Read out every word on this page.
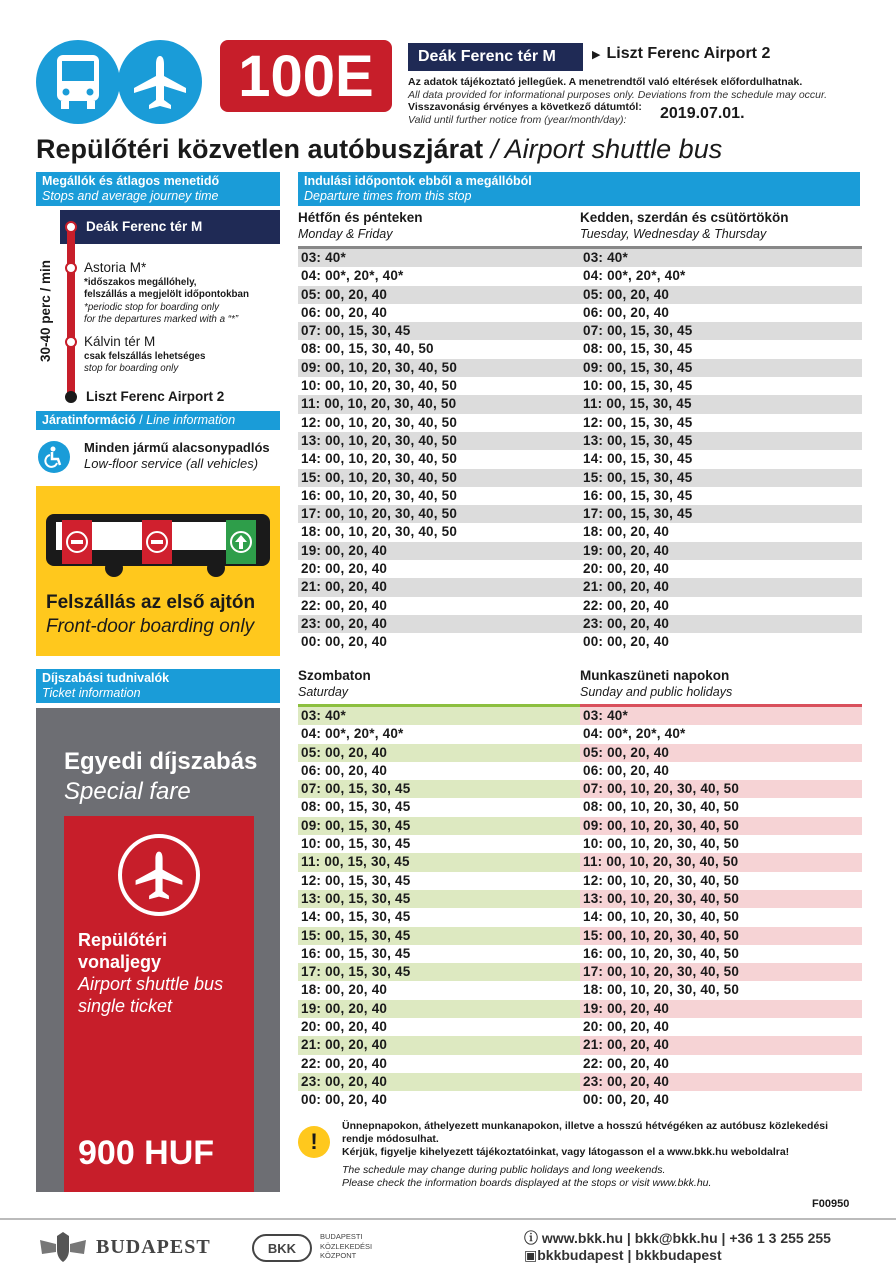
100E	Deák Ferenc tér M	▶ Liszt Ferenc Airport 2
Az adatok tájékoztató jellegűek. A menetrendtől való eltérések előfordulhatnak.
All data provided for informational purposes only. Deviations from the schedule may occur.
Visszavonásig érvényes a következő dátumtól:
Valid until further notice from (year/month/day):	2019.07.01.
Repülőtéri közvetlen autóbuszjárat / Airport shuttle bus
Megállók és átlagos menetidő
Stops and average journey time
Deák Ferenc tér M
Astoria M*
*időszakos megállóhely,
felszállás a megjelölt időpontokban
*periodic stop for boarding only
for the departures marked with a “*”
Kálvin tér M
csak felszállás lehetséges
stop for boarding only
Liszt Ferenc Airport 2
30-40 perc / min
Járatinformáció / Line information
Minden jármű alacsonypadlós
Low-floor service (all vehicles)
Felszállás az első ajtón
Front-door boarding only
Díjszabási tudnivalók
Ticket information
Egyedi díjszabás
Special fare
Repülőtéri
vonaljegy
Airport shuttle bus
single ticket
900 HUF
Indulási időpontok ebből a megállóból
Departure times from this stop
Hétfőn és pénteken
Monday & Friday
03: 40*
04: 00*, 20*, 40*
05: 00, 20, 40
06: 00, 20, 40
07: 00, 15, 30, 45
08: 00, 15, 30, 40, 50
09: 00, 10, 20, 30, 40, 50
10: 00, 10, 20, 30, 40, 50
11: 00, 10, 20, 30, 40, 50
12: 00, 10, 20, 30, 40, 50
13: 00, 10, 20, 30, 40, 50
14: 00, 10, 20, 30, 40, 50
15: 00, 10, 20, 30, 40, 50
16: 00, 10, 20, 30, 40, 50
17: 00, 10, 20, 30, 40, 50
18: 00, 10, 20, 30, 40, 50
19: 00, 20, 40
20: 00, 20, 40
21: 00, 20, 40
22: 00, 20, 40
23: 00, 20, 40
00: 00, 20, 40
Kedden, szerdán és csütörtökön
Tuesday, Wednesday & Thursday
03: 40*
04: 00*, 20*, 40*
05: 00, 20, 40
06: 00, 20, 40
07: 00, 15, 30, 45
08: 00, 15, 30, 45
09: 00, 15, 30, 45
10: 00, 15, 30, 45
11: 00, 15, 30, 45
12: 00, 15, 30, 45
13: 00, 15, 30, 45
14: 00, 15, 30, 45
15: 00, 15, 30, 45
16: 00, 15, 30, 45
17: 00, 15, 30, 45
18: 00, 20, 40
19: 00, 20, 40
20: 00, 20, 40
21: 00, 20, 40
22: 00, 20, 40
23: 00, 20, 40
00: 00, 20, 40
Szombaton
Saturday
03: 40*
04: 00*, 20*, 40*
05: 00, 20, 40
06: 00, 20, 40
07: 00, 15, 30, 45
08: 00, 15, 30, 45
09: 00, 15, 30, 45
10: 00, 15, 30, 45
11: 00, 15, 30, 45
12: 00, 15, 30, 45
13: 00, 15, 30, 45
14: 00, 15, 30, 45
15: 00, 15, 30, 45
16: 00, 15, 30, 45
17: 00, 15, 30, 45
18: 00, 20, 40
19: 00, 20, 40
20: 00, 20, 40
21: 00, 20, 40
22: 00, 20, 40
23: 00, 20, 40
00: 00, 20, 40
Munkaszüneti napokon
Sunday and public holidays
03: 40*
04: 00*, 20*, 40*
05: 00, 20, 40
06: 00, 20, 40
07: 00, 10, 20, 30, 40, 50
08: 00, 10, 20, 30, 40, 50
09: 00, 10, 20, 30, 40, 50
10: 00, 10, 20, 30, 40, 50
11: 00, 10, 20, 30, 40, 50
12: 00, 10, 20, 30, 40, 50
13: 00, 10, 20, 30, 40, 50
14: 00, 10, 20, 30, 40, 50
15: 00, 10, 20, 30, 40, 50
16: 00, 10, 20, 30, 40, 50
17: 00, 10, 20, 30, 40, 50
18: 00, 10, 20, 30, 40, 50
19: 00, 20, 40
20: 00, 20, 40
21: 00, 20, 40
22: 00, 20, 40
23: 00, 20, 40
00: 00, 20, 40
!
Ünnepnapokon, áthelyezett munkanapokon, illetve a hosszú hétvégéken az autóbusz közlekedési
rendje módosulhat.
Kérjük, figyelje kihelyezett tájékoztatóinkat, vagy látogasson el a www.bkk.hu weboldalra!
The schedule may change during public holidays and long weekends.
Please check the information boards displayed at the stops or visit www.bkk.hu.
F00950
BUDAPEST	BKK
BUDAPESTI
KÖZLEKEDÉSI
KÖZPONT
ⓘ www.bkk.hu | bkk@bkk.hu | +36 1 3 255 255
▣bkkbudapest | bkkbudapest
